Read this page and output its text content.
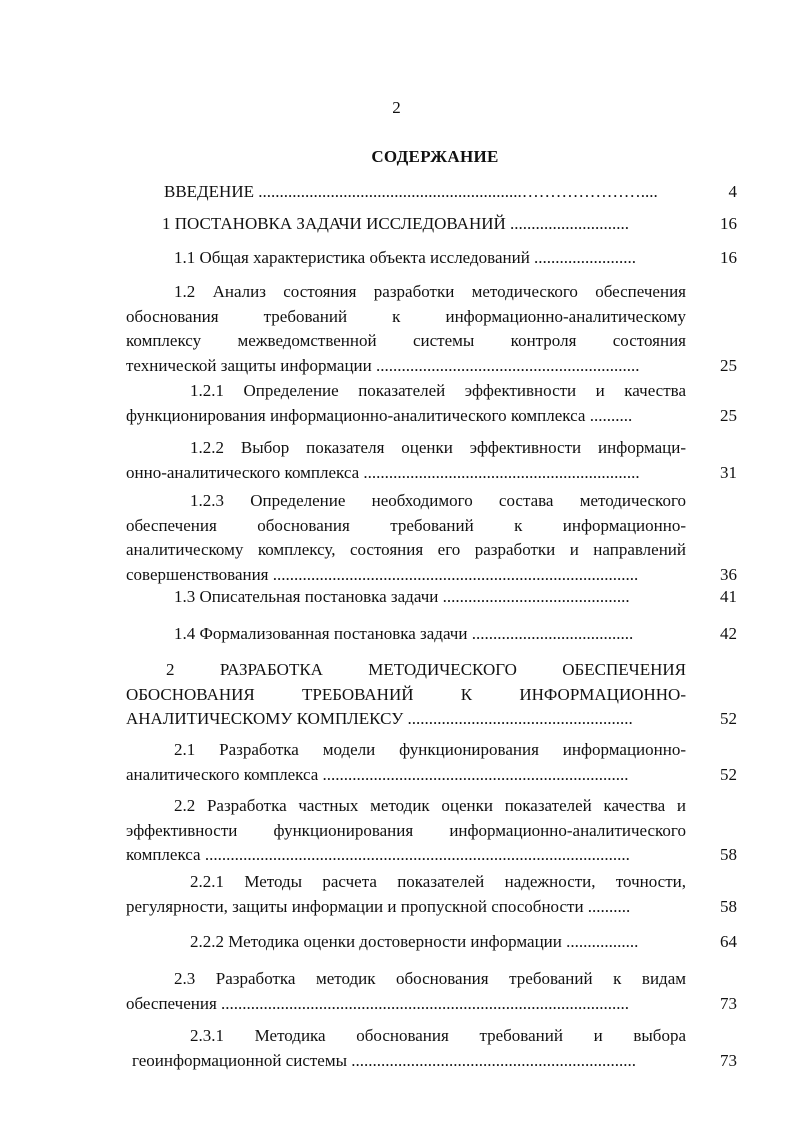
2
СОДЕРЖАНИЕ
ВВЕДЕНИЕ ..............................................................…………………....	4
1 ПОСТАНОВКА ЗАДАЧИ ИССЛЕДОВАНИЙ ............................	16
1.1 Общая характеристика объекта исследований ........................	16
1.2 Анализ состояния разработки методического обеспечения
обоснования требований к информационно-аналитическому
комплексу межведомственной системы контроля состояния
технической защиты информации ..............................................................	25
1.2.1 Определение показателей эффективности и качества
функционирования информационно-аналитического комплекса ..........	25
1.2.2 Выбор показателя оценки эффективности информаци-
онно-аналитического комплекса .................................................................	31
1.2.3 Определение необходимого состава методического
обеспечения обоснования требований к информационно-
аналитическому комплексу, состояния его разработки и направлений
совершенствования ......................................................................................	36
1.3 Описательная постановка задачи ............................................	41
1.4 Формализованная постановка задачи ......................................	42
2 РАЗРАБОТКА МЕТОДИЧЕСКОГО ОБЕСПЕЧЕНИЯ
ОБОСНОВАНИЯ ТРЕБОВАНИЙ К ИНФОРМАЦИОННО-
АНАЛИТИЧЕСКОМУ КОМПЛЕКСУ .....................................................	52
2.1 Разработка модели функционирования информационно-
аналитического комплекса ........................................................................	52
2.2 Разработка частных методик оценки показателей качества и
эффективности функционирования информационно-аналитического
комплекса ....................................................................................................	58
2.2.1 Методы расчета показателей надежности, точности,
регулярности, защиты информации и пропускной способности ..........	58
2.2.2 Методика оценки достоверности информации .................	64
2.3 Разработка методик обоснования требований к видам
обеспечения ................................................................................................	73
2.3.1 Методика обоснования требований и выбора
геоинформационной системы ...................................................................	73
